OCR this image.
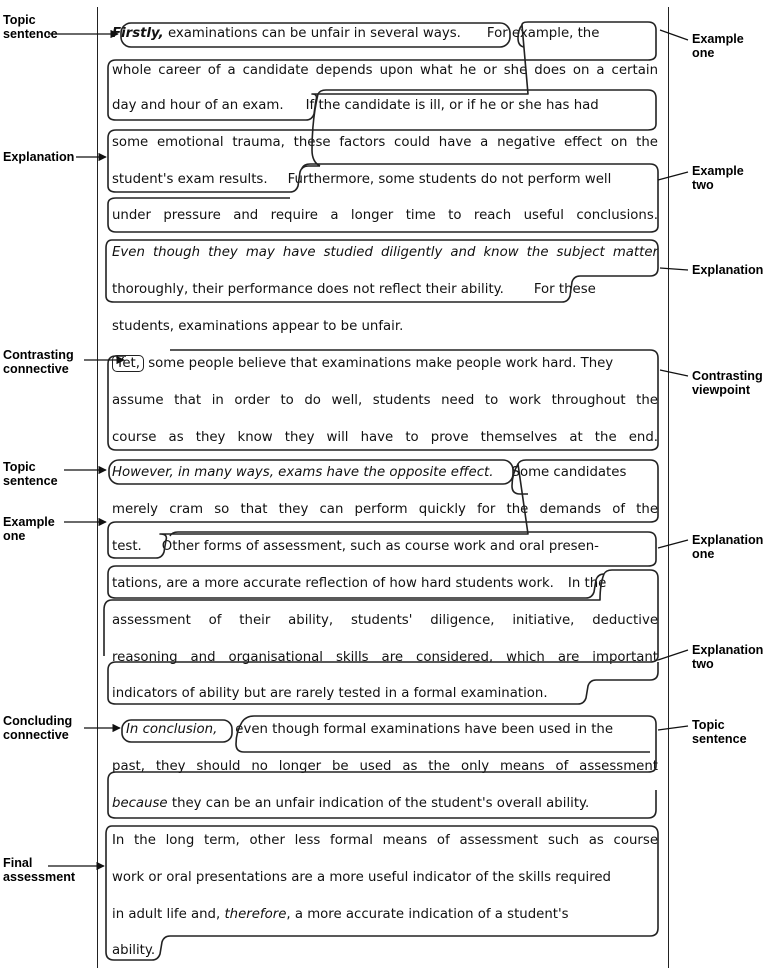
Topic sentence
Explanation
Contrasting connective
Topic sentence
Example one
Concluding connective
Final assessment
Example one
Example two
Explanation
Contrasting viewpoint
Explanation one
Explanation two
Topic sentence
Firstly, examinations can be unfair in several ways. For example, the
whole career of a candidate depends upon what he or she does on a certain
day and hour of an exam. If the candidate is ill, or if he or she has had
some emotional trauma, these factors could have a negative effect on the
student's exam results. Furthermore, some students do not perform well
under pressure and require a longer time to reach useful conclusions.
Even though they may have studied diligently and know the subject matter
thoroughly, their performance does not reflect their ability. For these
students, examinations appear to be unfair.
Yet, some people believe that examinations make people work hard. They
assume that in order to do well, students need to work throughout the
course as they know they will have to prove themselves at the end.
However, in many ways, exams have the opposite effect. Some candidates
merely cram so that they can perform quickly for the demands of the
test. Other forms of assessment, such as course work and oral presen-
tations, are a more accurate reflection of how hard students work. In the
assessment of their ability, students' diligence, initiative, deductive
reasoning and organisational skills are considered, which are important
indicators of ability but are rarely tested in a formal examination.
In conclusion, even though formal examinations have been used in the
past, they should no longer be used as the only means of assessment
because they can be an unfair indication of the student's overall ability.
In the long term, other less formal means of assessment such as course
work or oral presentations are a more useful indicator of the skills required
in adult life and, therefore, a more accurate indication of a student's
ability.
